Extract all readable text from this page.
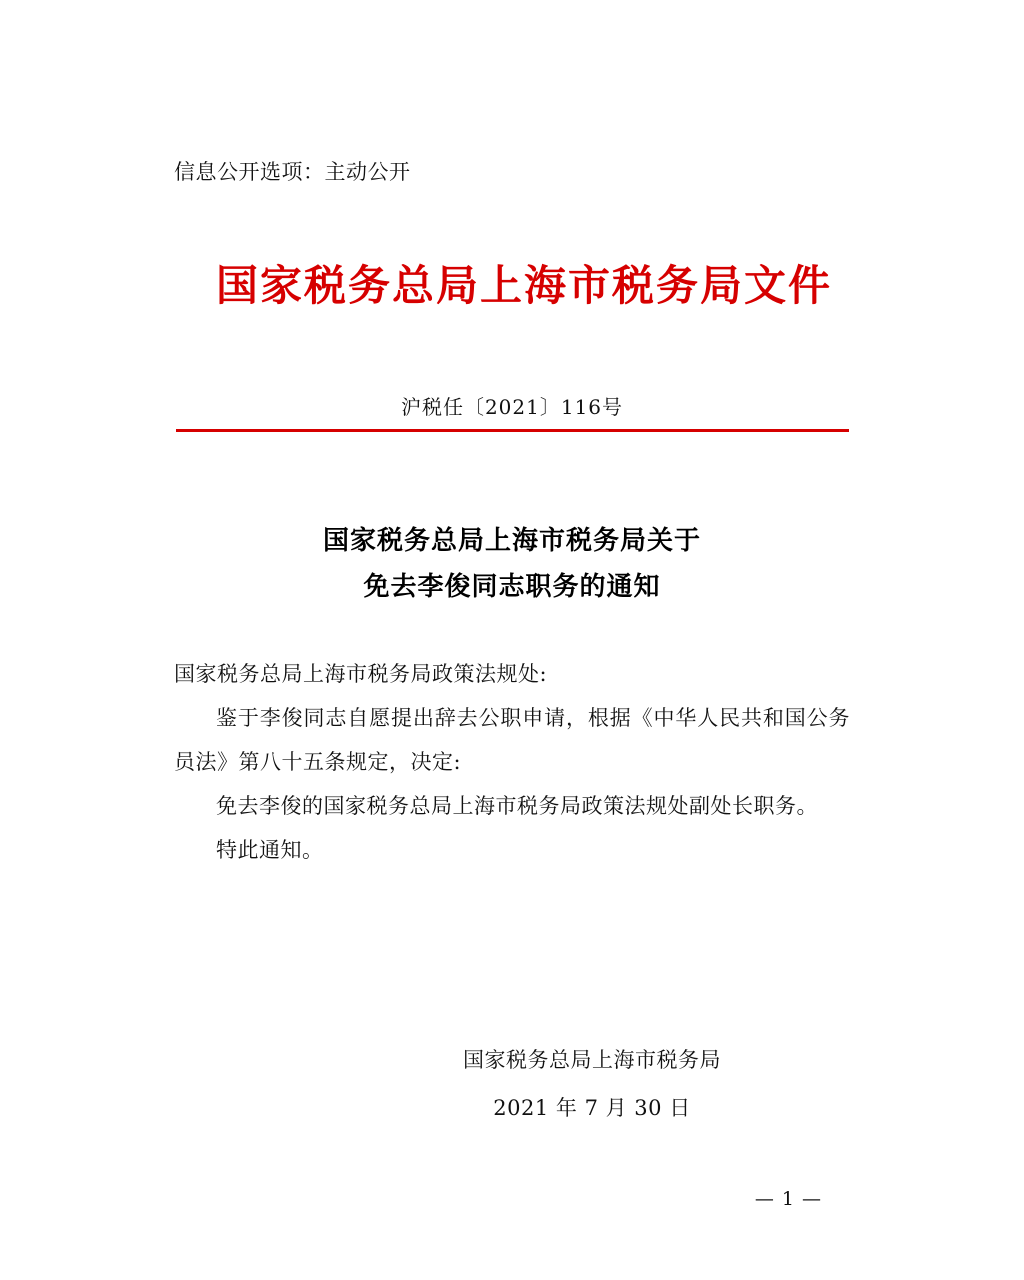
信息公开选项：主动公开
国家税务总局上海市税务局文件
沪税任〔2021〕116号
国家税务总局上海市税务局关于
免去李俊同志职务的通知

国家税务总局上海市税务局政策法规处:

鉴于李俊同志自愿提出辞去公职申请，根据《中华人民共和国公务员法》第八十五条规定，决定:

免去李俊的国家税务总局上海市税务局政策法规处副处长职务。

特此通知。

国家税务总局上海市税务局
2021 年 7 月 30 日
— 1 —
